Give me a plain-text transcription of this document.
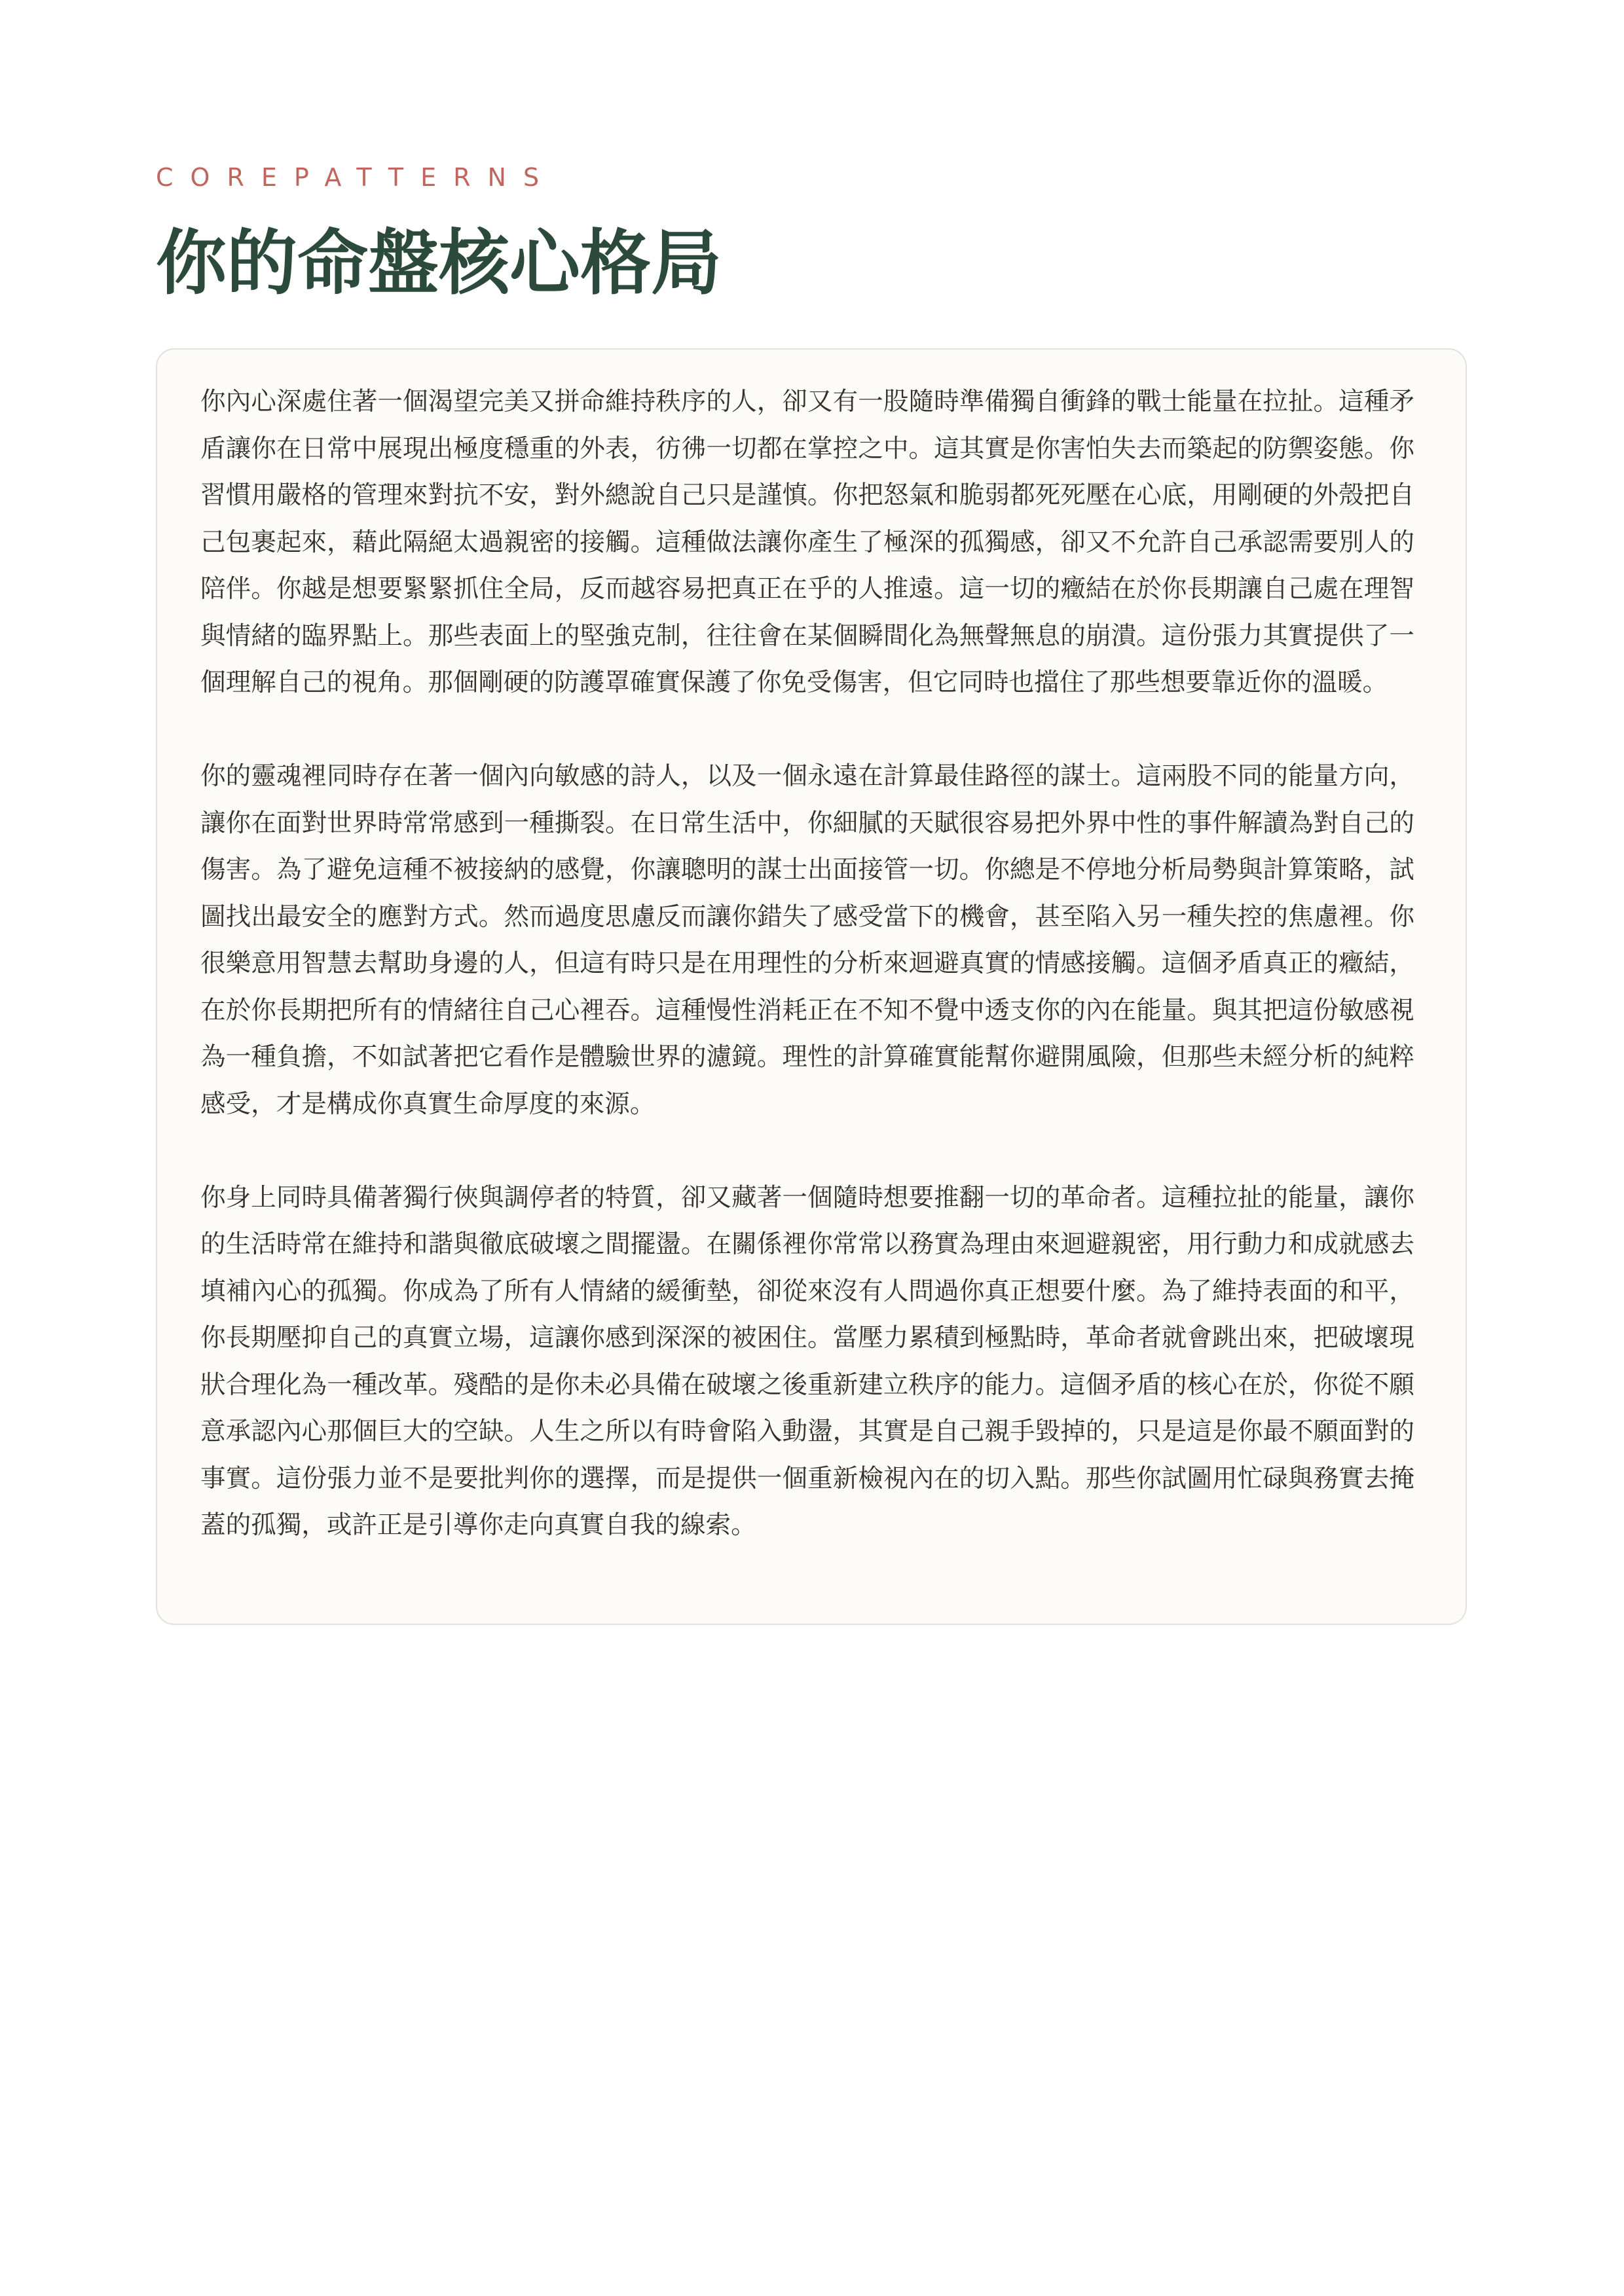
COREPATTERNS
你的命盤核心格局

你內心深處住著一個渴望完美又拼命維持秩序的人，卻又有一股隨時準備獨自衝鋒的戰士能量在拉扯。這種矛盾讓你在日常中展現出極度穩重的外表，彷彿一切都在掌控之中。這其實是你害怕失去而築起的防禦姿態。你習慣用嚴格的管理來對抗不安，對外總說自己只是謹慎。你把怒氣和脆弱都死死壓在心底，用剛硬的外殼把自己包裹起來，藉此隔絕太過親密的接觸。這種做法讓你產生了極深的孤獨感，卻又不允許自己承認需要別人的陪伴。你越是想要緊緊抓住全局，反而越容易把真正在乎的人推遠。這一切的癥結在於你長期讓自己處在理智與情緒的臨界點上。那些表面上的堅強克制，往往會在某個瞬間化為無聲無息的崩潰。這份張力其實提供了一個理解自己的視角。那個剛硬的防護罩確實保護了你免受傷害，但它同時也擋住了那些想要靠近你的溫暖。

你的靈魂裡同時存在著一個內向敏感的詩人，以及一個永遠在計算最佳路徑的謀士。這兩股不同的能量方向，讓你在面對世界時常常感到一種撕裂。在日常生活中，你細膩的天賦很容易把外界中性的事件解讀為對自己的傷害。為了避免這種不被接納的感覺，你讓聰明的謀士出面接管一切。你總是不停地分析局勢與計算策略，試圖找出最安全的應對方式。然而過度思慮反而讓你錯失了感受當下的機會，甚至陷入另一種失控的焦慮裡。你很樂意用智慧去幫助身邊的人，但這有時只是在用理性的分析來迴避真實的情感接觸。這個矛盾真正的癥結，在於你長期把所有的情緒往自己心裡吞。這種慢性消耗正在不知不覺中透支你的內在能量。與其把這份敏感視為一種負擔，不如試著把它看作是體驗世界的濾鏡。理性的計算確實能幫你避開風險，但那些未經分析的純粹感受，才是構成你真實生命厚度的來源。

你身上同時具備著獨行俠與調停者的特質，卻又藏著一個隨時想要推翻一切的革命者。這種拉扯的能量，讓你的生活時常在維持和諧與徹底破壞之間擺盪。在關係裡你常常以務實為理由來迴避親密，用行動力和成就感去填補內心的孤獨。你成為了所有人情緒的緩衝墊，卻從來沒有人問過你真正想要什麼。為了維持表面的和平，你長期壓抑自己的真實立場，這讓你感到深深的被困住。當壓力累積到極點時，革命者就會跳出來，把破壞現狀合理化為一種改革。殘酷的是你未必具備在破壞之後重新建立秩序的能力。這個矛盾的核心在於，你從不願意承認內心那個巨大的空缺。人生之所以有時會陷入動盪，其實是自己親手毀掉的，只是這是你最不願面對的事實。這份張力並不是要批判你的選擇，而是提供一個重新檢視內在的切入點。那些你試圖用忙碌與務實去掩蓋的孤獨，或許正是引導你走向真實自我的線索。
